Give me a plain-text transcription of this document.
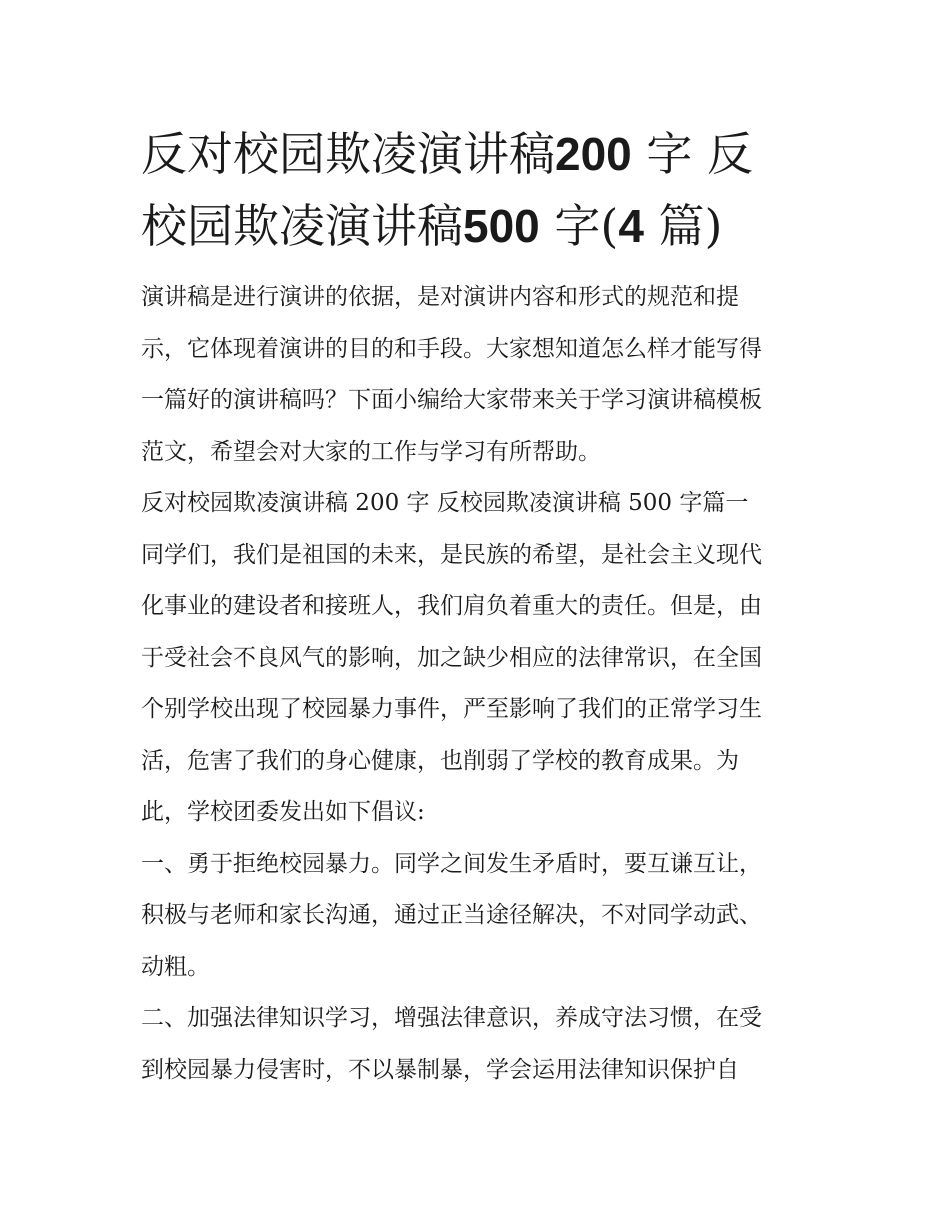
反对校园欺凌演讲稿200 字 反
校园欺凌演讲稿500 字(4 篇)

演讲稿是进行演讲的依据，是对演讲内容和形式的规范和提
示，它体现着演讲的目的和手段。大家想知道怎么样才能写得
一篇好的演讲稿吗？下面小编给大家带来关于学习演讲稿模板
范文，希望会对大家的工作与学习有所帮助。

反对校园欺凌演讲稿 200 字 反校园欺凌演讲稿 500 字篇一

同学们，我们是祖国的未来，是民族的希望，是社会主义现代
化事业的建设者和接班人，我们肩负着重大的责任。但是，由
于受社会不良风气的影响，加之缺少相应的法律常识，在全国
个别学校出现了校园暴力事件，严至影响了我们的正常学习生
活，危害了我们的身心健康，也削弱了学校的教育成果。为
此，学校团委发出如下倡议:

一、勇于拒绝校园暴力。同学之间发生矛盾时，要互谦互让，
积极与老师和家长沟通，通过正当途径解决，不对同学动武、
动粗。

二、加强法律知识学习，增强法律意识，养成守法习惯，在受
到校园暴力侵害时，不以暴制暴，学会运用法律知识保护自
